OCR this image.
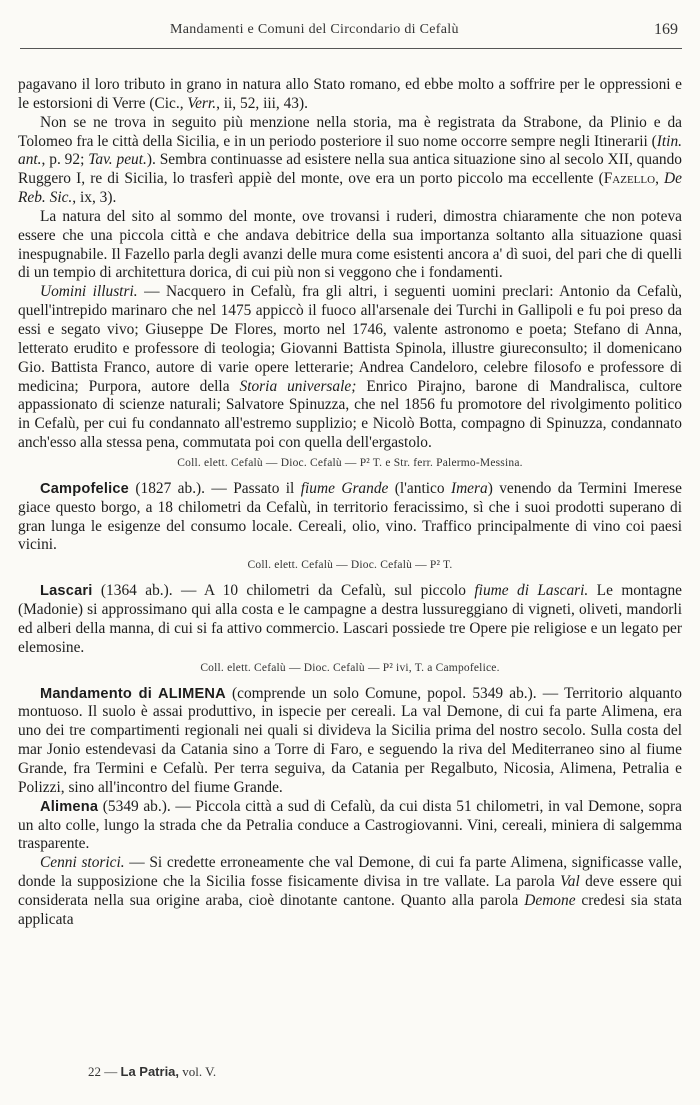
Mandamenti e Comuni del Circondario di Cefalù	169

pagavano il loro tributo in grano in natura allo Stato romano, ed ebbe molto a soffrire per le oppressioni e le estorsioni di Verre (Cic., Verr., ii, 52, iii, 43).

Non se ne trova in seguito più menzione nella storia, ma è registrata da Strabone, da Plinio e da Tolomeo fra le città della Sicilia, e in un periodo posteriore il suo nome occorre sempre negli Itinerarii (Itin. ant., p. 92; Tav. peut.). Sembra continuasse ad esistere nella sua antica situazione sino al secolo XII, quando Ruggero I, re di Sicilia, lo trasferì appiè del monte, ove era un porto piccolo ma eccellente (Fazello, De Reb. Sic., ix, 3).

La natura del sito al sommo del monte, ove trovansi i ruderi, dimostra chiaramente che non poteva essere che una piccola città e che andava debitrice della sua importanza soltanto alla situazione quasi inespugnabile. Il Fazello parla degli avanzi delle mura come esistenti ancora a' dì suoi, del pari che di quelli di un tempio di architettura dorica, di cui più non si veggono che i fondamenti.

Uomini illustri. — Nacquero in Cefalù, fra gli altri, i seguenti uomini preclari: Antonio da Cefalù, quell'intrepido marinaro che nel 1475 appiccò il fuoco all'arsenale dei Turchi in Gallipoli e fu poi preso da essi e segato vivo; Giuseppe De Flores, morto nel 1746, valente astronomo e poeta; Stefano di Anna, letterato erudito e professore di teologia; Giovanni Battista Spinola, illustre giureconsulto; il domenicano Gio. Battista Franco, autore di varie opere letterarie; Andrea Candeloro, celebre filosofo e professore di medicina; Purpora, autore della Storia universale; Enrico Pirajno, barone di Mandralisca, cultore appassionato di scienze naturali; Salvatore Spinuzza, che nel 1856 fu promotore del rivolgimento politico in Cefalù, per cui fu condannato all'estremo supplizio; e Nicolò Botta, compagno di Spinuzza, condannato anch'esso alla stessa pena, commutata poi con quella dell'ergastolo.

Coll. elett. Cefalù — Dioc. Cefalù — P² T. e Str. ferr. Palermo-Messina.

Campofelice (1827 ab.). — Passato il fiume Grande (l'antico Imera) venendo da Termini Imerese giace questo borgo, a 18 chilometri da Cefalù, in territorio feracissimo, sì che i suoi prodotti superano di gran lunga le esigenze del consumo locale. Cereali, olio, vino. Traffico principalmente di vino coi paesi vicini.

Coll. elett. Cefalù — Dioc. Cefalù — P² T.

Lascari (1364 ab.). — A 10 chilometri da Cefalù, sul piccolo fiume di Lascari. Le montagne (Madonie) si approssimano qui alla costa e le campagne a destra lussureggiano di vigneti, oliveti, mandorli ed alberi della manna, di cui si fa attivo commercio. Lascari possiede tre Opere pie religiose e un legato per elemosine.

Coll. elett. Cefalù — Dioc. Cefalù — P² ivi, T. a Campofelice.

Mandamento di ALIMENA (comprende un solo Comune, popol. 5349 ab.). — Territorio alquanto montuoso. Il suolo è assai produttivo, in ispecie per cereali. La val Demone, di cui fa parte Alimena, era uno dei tre compartimenti regionali nei quali si divideva la Sicilia prima del nostro secolo. Sulla costa del mar Jonio estendevasi da Catania sino a Torre di Faro, e seguendo la riva del Mediterraneo sino al fiume Grande, fra Termini e Cefalù. Per terra seguiva, da Catania per Regalbuto, Nicosia, Alimena, Petralia e Polizzi, sino all'incontro del fiume Grande.

Alimena (5349 ab.). — Piccola città a sud di Cefalù, da cui dista 51 chilometri, in val Demone, sopra un alto colle, lungo la strada che da Petralia conduce a Castrogiovanni. Vini, cereali, miniera di salgemma trasparente.

Cenni storici. — Si credette erroneamente che val Demone, di cui fa parte Alimena, significasse valle, donde la supposizione che la Sicilia fosse fisicamente divisa in tre vallate. La parola Val deve essere qui considerata nella sua origine araba, cioè dinotante cantone. Quanto alla parola Demone credesi sia stata applicata

22 — La Patria, vol. V.
